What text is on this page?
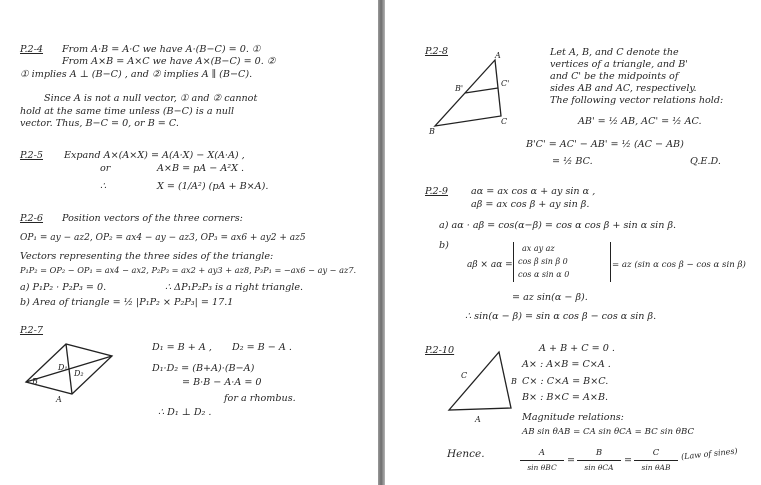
P.2-4 From A·B = A·C we have A·(B−C) = 0. ①
From A×B = A×C we have A×(B−C) = 0. ②
① implies A ⊥ (B−C) , and ② implies A ∥ (B−C).
Since A is not a null vector, ① and ② cannot
hold at the same time unless (B−C) is a null
vector. Thus, B−C = 0, or B = C.
P.2-5 Expand A×(A×X) = A(A·X) − X(A·A) ,
or	A×B = pA − A²X .
∴	X = (1/A²) (pA + B×A).
P.2-6 Position vectors of the three corners:
OP₁ = ay − az2, OP₂ = ax4 − ay − az3, OP₃ = ax6 + ay2 + az5
Vectors representing the three sides of the triangle:
P₁P₂ = OP₂ − OP₁ = ax4 − ax2, P₂P₃ = ax2 + ay3 + az8, P₃P₁ = −ax6 − ay − az7.
a) P₁P₂ · P₂P₃ = 0.	∴ ΔP₁P₂P₃ is a right triangle.
b) Area of triangle = ½ |P₁P₂ × P₂P₃| = 17.1
P.2-7
B
A
D₁
D₂
D₁ = B + A , D₂ = B − A .
D₁·D₂ = (B+A)·(B−A)
= B·B − A·A = 0
for a rhombus.
∴ D₁ ⊥ D₂ .
P.2-8	A
B
C
B'
C'
Let A, B, and C denote the
vertices of a triangle, and B'
and C' be the midpoints of
sides AB and AC, respectively.
The following vector relations hold:
AB' = ½ AB, AC' = ½ AC.
B'C' = AC' − AB' = ½ (AC − AB)
= ½ BC.	Q.E.D.
P.2-9 aα = ax cos α + ay sin α ,
aβ = ax cos β + ay sin β.
a) aα · aβ = cos(α−β) = cos α cos β + sin α sin β.
b)
aβ × aα =
ax ay az
cos β sin β 0
cos α sin α 0
= az (sin α cos β − cos α sin β)
= az sin(α − β).
∴ sin(α − β) = sin α cos β − cos α sin β.
P.2-10
C
B
A
A + B + C = 0 .
A× : A×B = C×A .
C× : C×A = B×C.
B× : B×C = A×B.
Magnitude relations:
AB sin θAB = CA sin θCA = BC sin θBC
Hence.	A
sin θBC
=
B
sin θCA
=
C
sin θAB
(Law of sines)
